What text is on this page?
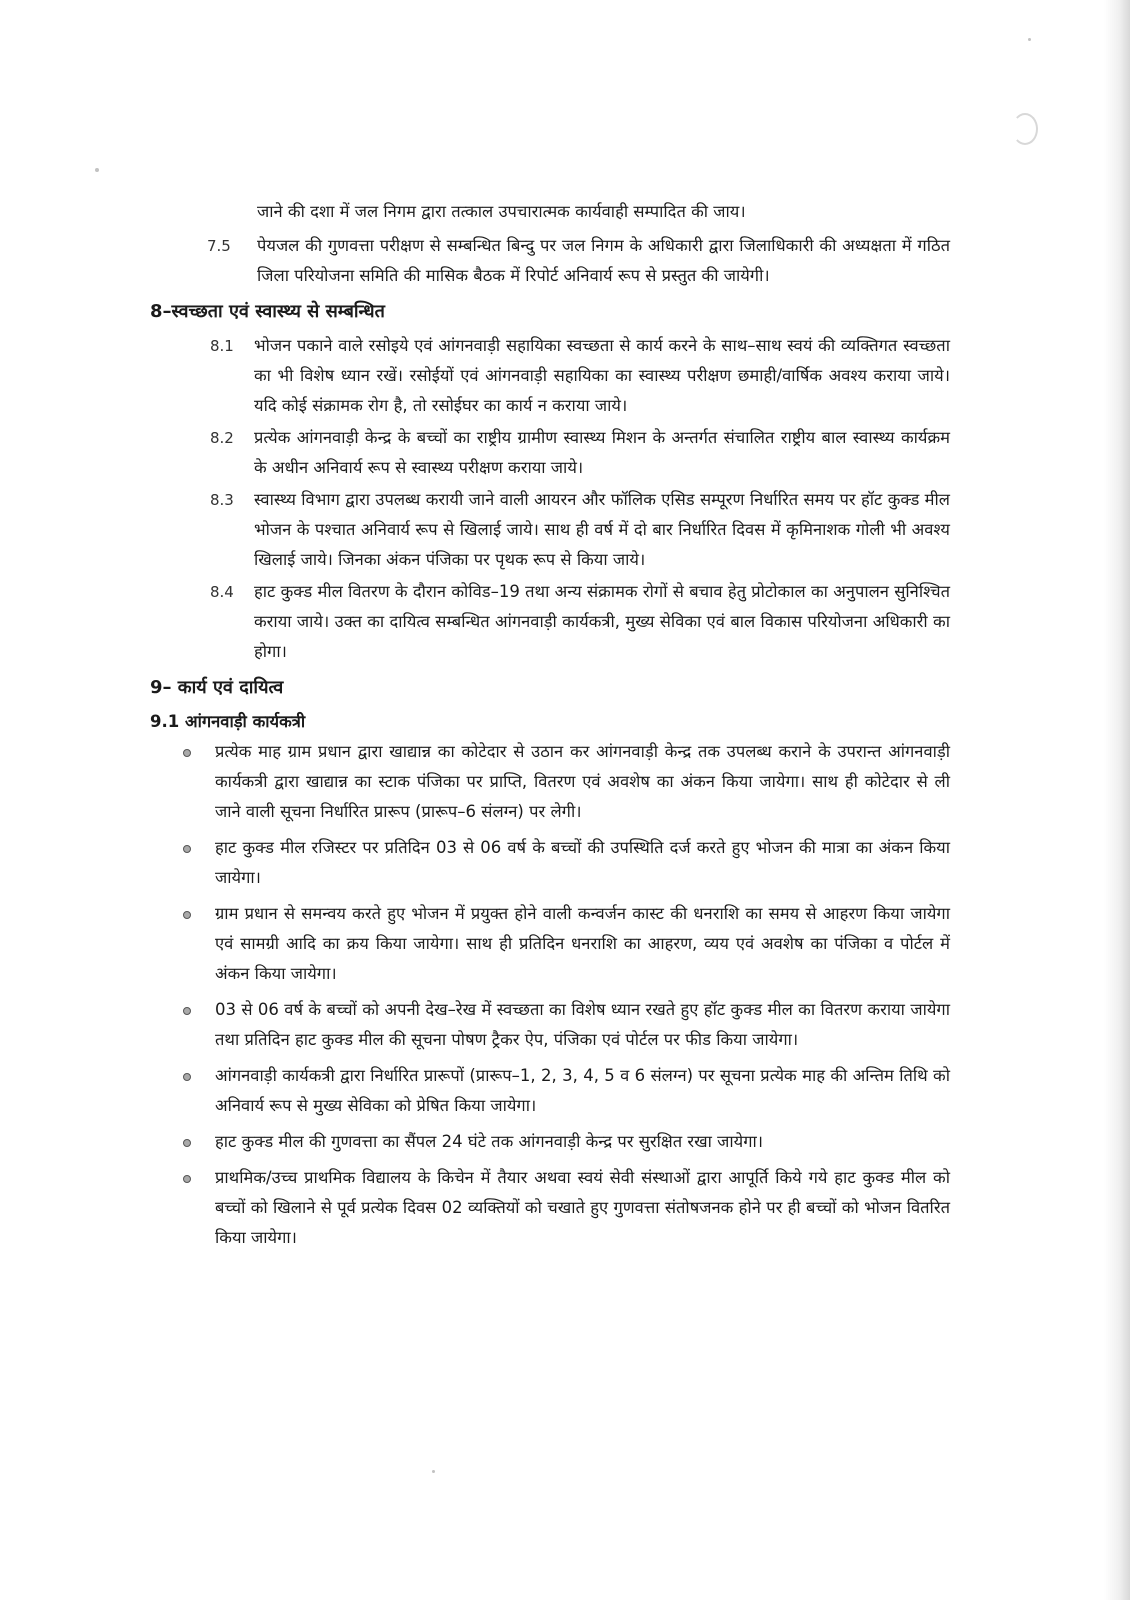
जाने की दशा में जल निगम द्वारा तत्काल उपचारात्मक कार्यवाही सम्पादित की जाय।

7.5 पेयजल की गुणवत्ता परीक्षण से सम्बन्धित बिन्दु पर जल निगम के अधिकारी द्वारा जिलाधिकारी की अध्यक्षता में गठित जिला परियोजना समिति की मासिक बैठक में रिपोर्ट अनिवार्य रूप से प्रस्तुत की जायेगी।
8–स्वच्छता एवं स्वास्थ्य से सम्बन्धित
8.1 भोजन पकाने वाले रसोइये एवं आंगनवाड़ी सहायिका स्वच्छता से कार्य करने के साथ–साथ स्वयं की व्यक्तिगत स्वच्छता का भी विशेष ध्यान रखें। रसोईयों एवं आंगनवाड़ी सहायिका का स्वास्थ्य परीक्षण छमाही/वार्षिक अवश्य कराया जाये। यदि कोई संक्रामक रोग है, तो रसोईघर का कार्य न कराया जाये।
8.2 प्रत्येक आंगनवाड़ी केन्द्र के बच्चों का राष्ट्रीय ग्रामीण स्वास्थ्य मिशन के अन्तर्गत संचालित राष्ट्रीय बाल स्वास्थ्य कार्यक्रम के अधीन अनिवार्य रूप से स्वास्थ्य परीक्षण कराया जाये।
8.3 स्वास्थ्य विभाग द्वारा उपलब्ध करायी जाने वाली आयरन और फॉलिक एसिड सम्पूरण निर्धारित समय पर हॉट कुक्ड मील भोजन के पश्चात अनिवार्य रूप से खिलाई जाये। साथ ही वर्ष में दो बार निर्धारित दिवस में कृमिनाशक गोली भी अवश्य खिलाई जाये। जिनका अंकन पंजिका पर पृथक रूप से किया जाये।
8.4 हाट कुक्ड मील वितरण के दौरान कोविड–19 तथा अन्य संक्रामक रोगों से बचाव हेतु प्रोटोकाल का अनुपालन सुनिश्चित कराया जाये। उक्त का दायित्व सम्बन्धित आंगनवाड़ी कार्यकत्री, मुख्य सेविका एवं बाल विकास परियोजना अधिकारी का होगा।
9– कार्य एवं दायित्व
9.1 आंगनवाड़ी कार्यकत्री
प्रत्येक माह ग्राम प्रधान द्वारा खाद्यान्न का कोटेदार से उठान कर आंगनवाड़ी केन्द्र तक उपलब्ध कराने के उपरान्त आंगनवाड़ी कार्यकत्री द्वारा खाद्यान्न का स्टाक पंजिका पर प्राप्ति, वितरण एवं अवशेष का अंकन किया जायेगा। साथ ही कोटेदार से ली जाने वाली सूचना निर्धारित प्रारूप (प्रारूप–6 संलग्न) पर लेगी।
हाट कुक्ड मील रजिस्टर पर प्रतिदिन 03 से 06 वर्ष के बच्चों की उपस्थिति दर्ज करते हुए भोजन की मात्रा का अंकन किया जायेगा।
ग्राम प्रधान से समन्वय करते हुए भोजन में प्रयुक्त होने वाली कन्वर्जन कास्ट की धनराशि का समय से आहरण किया जायेगा एवं सामग्री आदि का क्रय किया जायेगा। साथ ही प्रतिदिन धनराशि का आहरण, व्यय एवं अवशेष का पंजिका व पोर्टल में अंकन किया जायेगा।
03 से 06 वर्ष के बच्चों को अपनी देख–रेख में स्वच्छता का विशेष ध्यान रखते हुए हॉट कुक्ड मील का वितरण कराया जायेगा तथा प्रतिदिन हाट कुक्ड मील की सूचना पोषण ट्रैकर ऐप, पंजिका एवं पोर्टल पर फीड किया जायेगा।
आंगनवाड़ी कार्यकत्री द्वारा निर्धारित प्रारूपों (प्रारूप–1, 2, 3, 4, 5 व 6 संलग्न) पर सूचना प्रत्येक माह की अन्तिम तिथि को अनिवार्य रूप से मुख्य सेविका को प्रेषित किया जायेगा।
हाट कुक्ड मील की गुणवत्ता का सैंपल 24 घंटे तक आंगनवाड़ी केन्द्र पर सुरक्षित रखा जायेगा।
प्राथमिक/उच्च प्राथमिक विद्यालय के किचेन में तैयार अथवा स्वयं सेवी संस्थाओं द्वारा आपूर्ति किये गये हाट कुक्ड मील को बच्चों को खिलाने से पूर्व प्रत्येक दिवस 02 व्यक्तियों को चखाते हुए गुणवत्ता संतोषजनक होने पर ही बच्चों को भोजन वितरित किया जायेगा।
